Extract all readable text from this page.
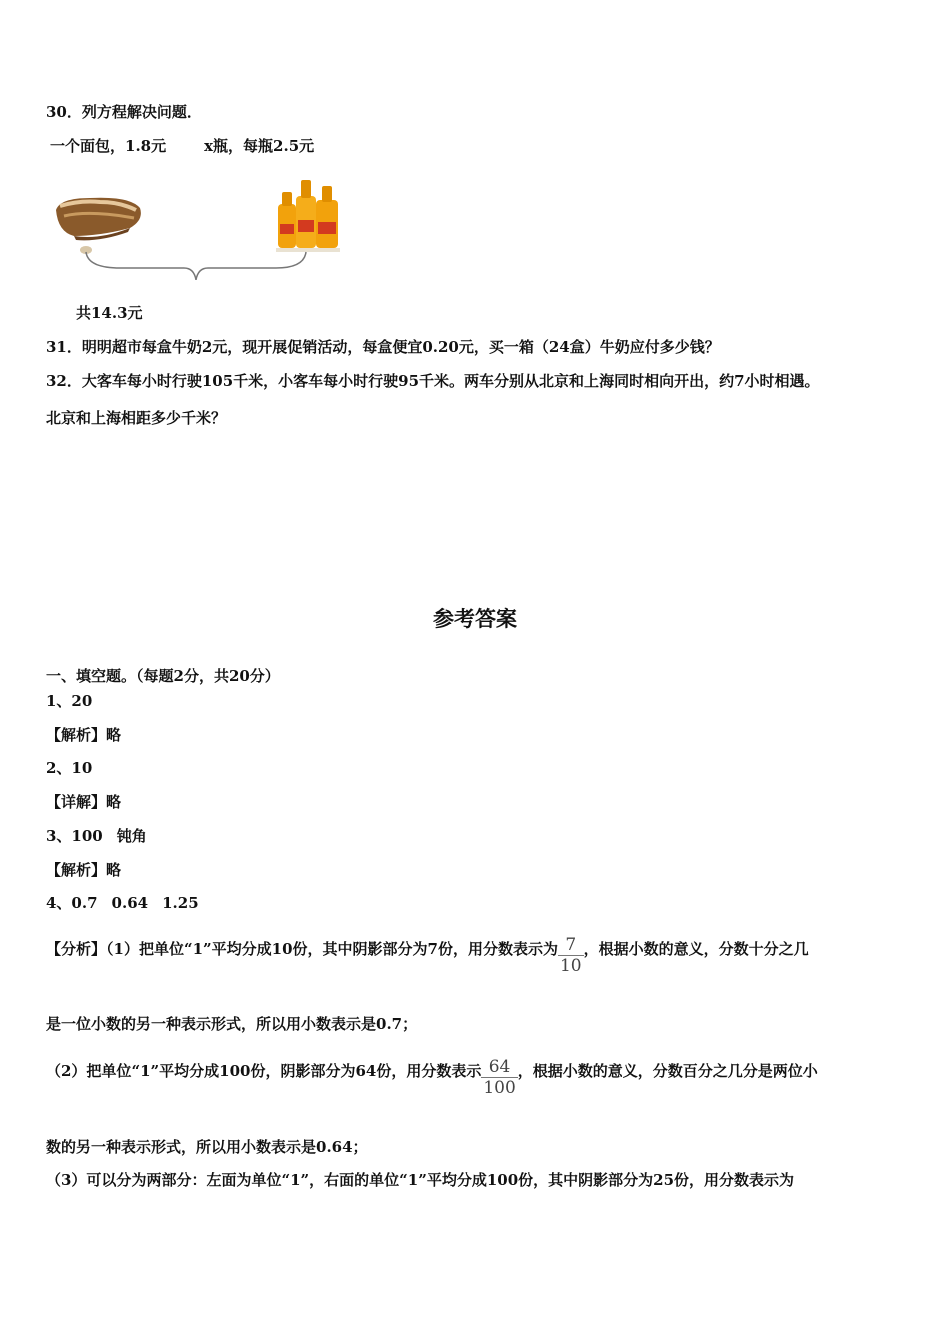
30．列方程解决问题．
一个面包，1.8元	x瓶，每瓶2.5元
共14.3元
31．明明超市每盒牛奶2元，现开展促销活动，每盒便宜0.20元，买一箱（24盒）牛奶应付多少钱？
32．大客车每小时行驶105千米，小客车每小时行驶95千米。两车分别从北京和上海同时相向开出，约7小时相遇。
北京和上海相距多少千米？
参考答案
一、填空题。（每题2分，共20分）
1、20
【解析】略
2、10
【详解】略
3、100 钝角
【解析】略
4、0.7 0.64 1.25
【分析】（1）把单位“1”平均分成10份，其中阴影部分为7份，用分数表示为 $\frac{7}{10}$ ，根据小数的意义，分数十分之几
是一位小数的另一种表示形式，所以用小数表示是0.7；
（2）把单位“1”平均分成100份，阴影部分为64份，用分数表示 $\frac{64}{100}$ ，根据小数的意义，分数百分之几分是两位小
数的另一种表示形式，所以用小数表示是0.64；
（3）可以分为两部分：左面为单位“1”，右面的单位“1”平均分成100份，其中阴影部分为25份，用分数表示为
